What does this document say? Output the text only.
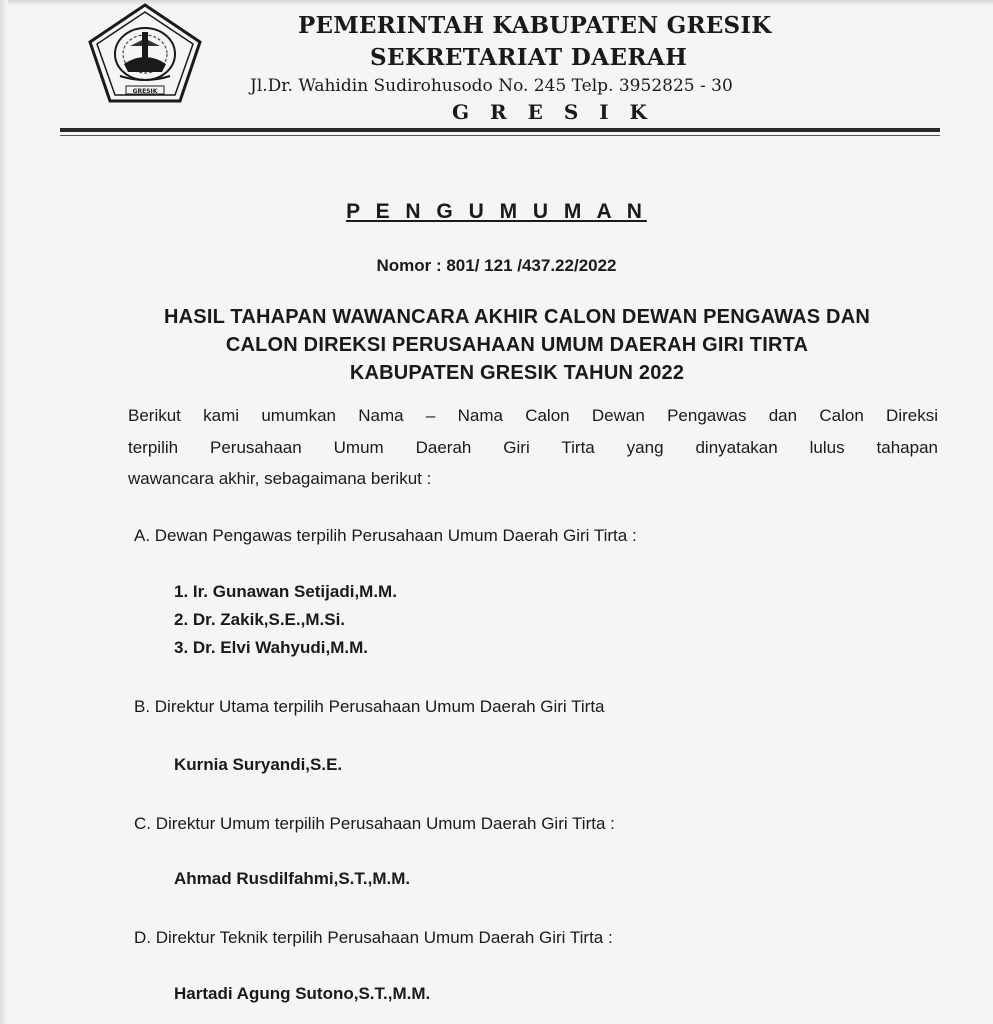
GRESIK
PEMERINTAH KABUPATEN GRESIK
SEKRETARIAT DAERAH
Jl.Dr. Wahidin Sudirohusodo No. 245 Telp. 3952825 - 30
G R E S I K
P E N G U M U M A N
Nomor : 801/ 121 /437.22/2022
HASIL TAHAPAN WAWANCARA AKHIR CALON DEWAN PENGAWAS DAN
CALON DIREKSI PERUSAHAAN UMUM DAERAH GIRI TIRTA
KABUPATEN GRESIK TAHUN 2022
Berikut kami umumkan Nama – Nama Calon Dewan Pengawas dan Calon Direksi
terpilih Perusahaan Umum Daerah Giri Tirta yang dinyatakan lulus tahapan
wawancara akhir, sebagaimana berikut :
A. Dewan Pengawas terpilih Perusahaan Umum Daerah Giri Tirta :
1. Ir. Gunawan Setijadi,M.M.
2. Dr. Zakik,S.E.,M.Si.
3. Dr. Elvi Wahyudi,M.M.
B. Direktur Utama terpilih Perusahaan Umum Daerah Giri Tirta
Kurnia Suryandi,S.E.
C. Direktur Umum terpilih Perusahaan Umum Daerah Giri Tirta :
Ahmad Rusdilfahmi,S.T.,M.M.
D. Direktur Teknik terpilih Perusahaan Umum Daerah Giri Tirta :
Hartadi Agung Sutono,S.T.,M.M.
